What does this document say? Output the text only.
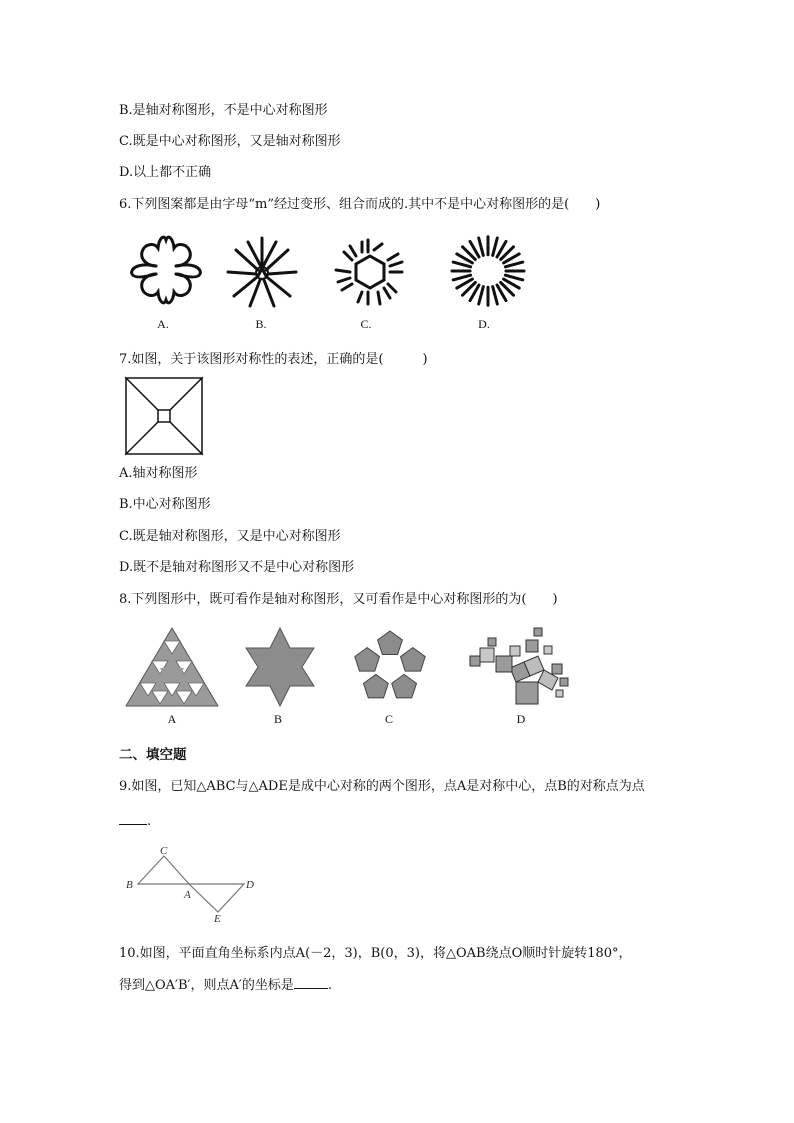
B.是轴对称图形，不是中心对称图形
C.既是中心对称图形，又是轴对称图形
D.以上都不正确
6.下列图案都是由字母“m”经过变形、组合而成的.其中不是中心对称图形的是(　　)
A.	B.	C.	D.
7.如图，关于该图形对称性的表述，正确的是(　　　)
A.轴对称图形
B.中心对称图形
C.既是轴对称图形，又是中心对称图形
D.既不是轴对称图形又不是中心对称图形
8.下列图形中，既可看作是轴对称图形，又可看作是中心对称图形的为(　　)
A	B	C	D
二、填空题
9.如图，已知△ABC与△ADE是成中心对称的两个图形，点A是对称中心，点B的对称点为点
.
C
B
A
D
E
10.如图，平面直角坐标系内点A(－2，3)，B(0，3)，将△OAB绕点O顺时针旋转180°，
得到△OA′B′，则点A′的坐标是	.
